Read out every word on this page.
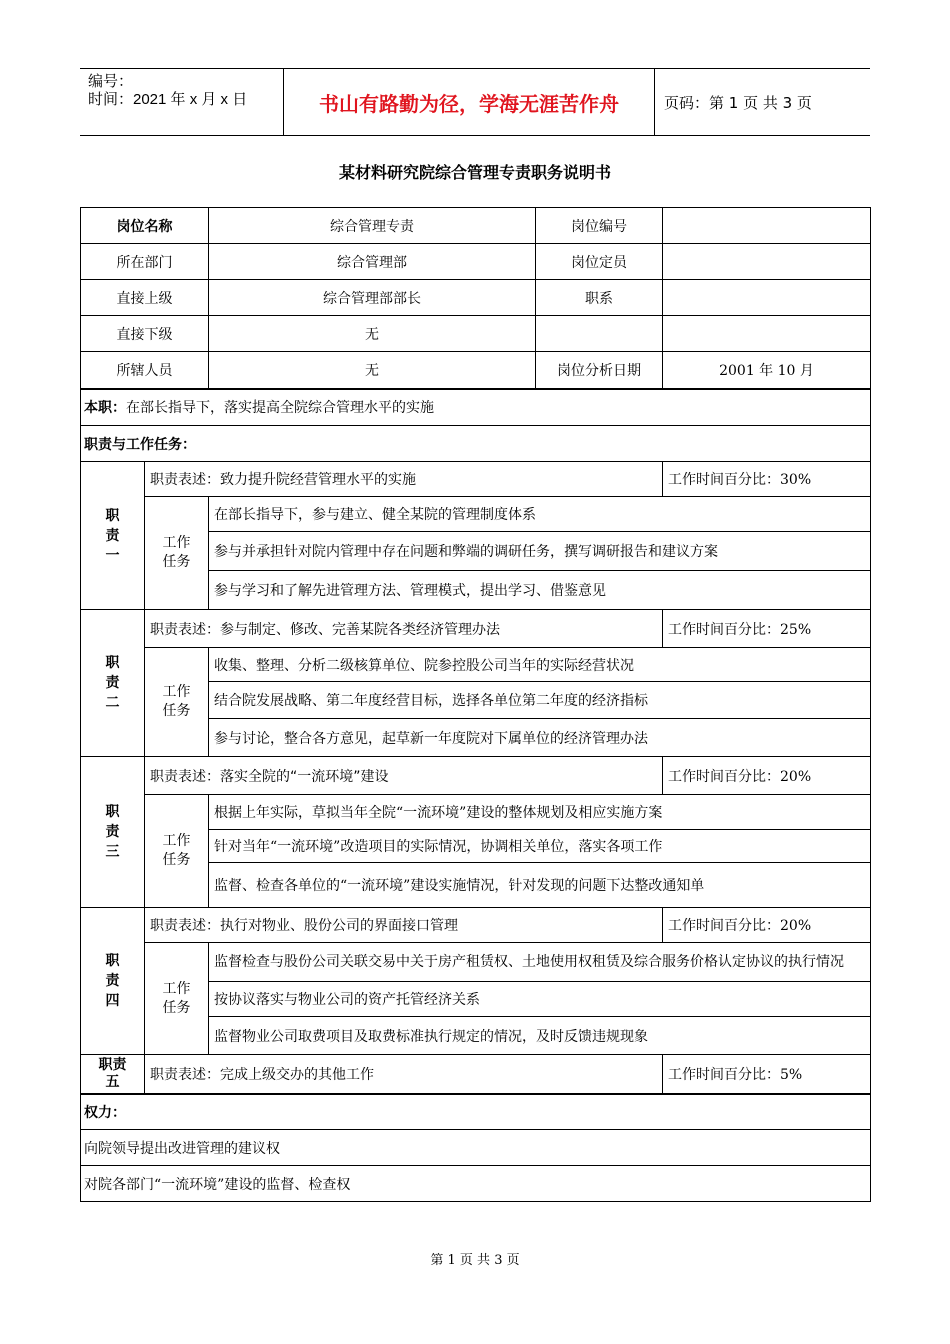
编号：
时间：2021 年 x 月 x 日	书山有路勤为径，学海无涯苦作舟	页码：第 1 页 共 3 页
某材料研究院综合管理专责职务说明书
岗位名称		综合管理专责	岗位编号	
所在部门		综合管理部	岗位定员	
直接上级		综合管理部部长	职系	
直接下级		无		
所辖人员		无	岗位分析日期	2001 年 10 月
本职：在部长指导下，落实提高全院综合管理水平的实施				
职责与工作任务：				
职
责
一	职责表述：致力提升院经营管理水平的实施			工作时间百分比：30%
	工作
任务	在部长指导下，参与建立、健全某院的管理制度体系		
		参与并承担针对院内管理中存在问题和弊端的调研任务，撰写调研报告和建议方案		
		参与学习和了解先进管理方法、管理模式，提出学习、借鉴意见		
职
责
二	职责表述：参与制定、修改、完善某院各类经济管理办法			工作时间百分比：25%
	工作
任务	收集、整理、分析二级核算单位、院参控股公司当年的实际经营状况		
		结合院发展战略、第二年度经营目标，选择各单位第二年度的经济指标		
		参与讨论，整合各方意见，起草新一年度院对下属单位的经济管理办法		
职
责
三	职责表述：落实全院的“一流环境”建设			工作时间百分比：20%
	工作
任务	根据上年实际，草拟当年全院“一流环境”建设的整体规划及相应实施方案		
		针对当年“一流环境”改造项目的实际情况，协调相关单位，落实各项工作		
		监督、检查各单位的“一流环境”建设实施情况，针对发现的问题下达整改通知单		
职
责
四	职责表述：执行对物业、股份公司的界面接口管理			工作时间百分比：20%
	工作
任务	监督检查与股份公司关联交易中关于房产租赁权、土地使用权租赁及综合服务价格认定协议的执行情况		
		按协议落实与物业公司的资产托管经济关系		
		监督物业公司取费项目及取费标准执行规定的情况，及时反馈违规现象		
职责
五	职责表述：完成上级交办的其他工作			工作时间百分比：5%
权力：				
向院领导提出改进管理的建议权				
对院各部门“一流环境”建设的监督、检查权				
第 1 页 共 3 页
